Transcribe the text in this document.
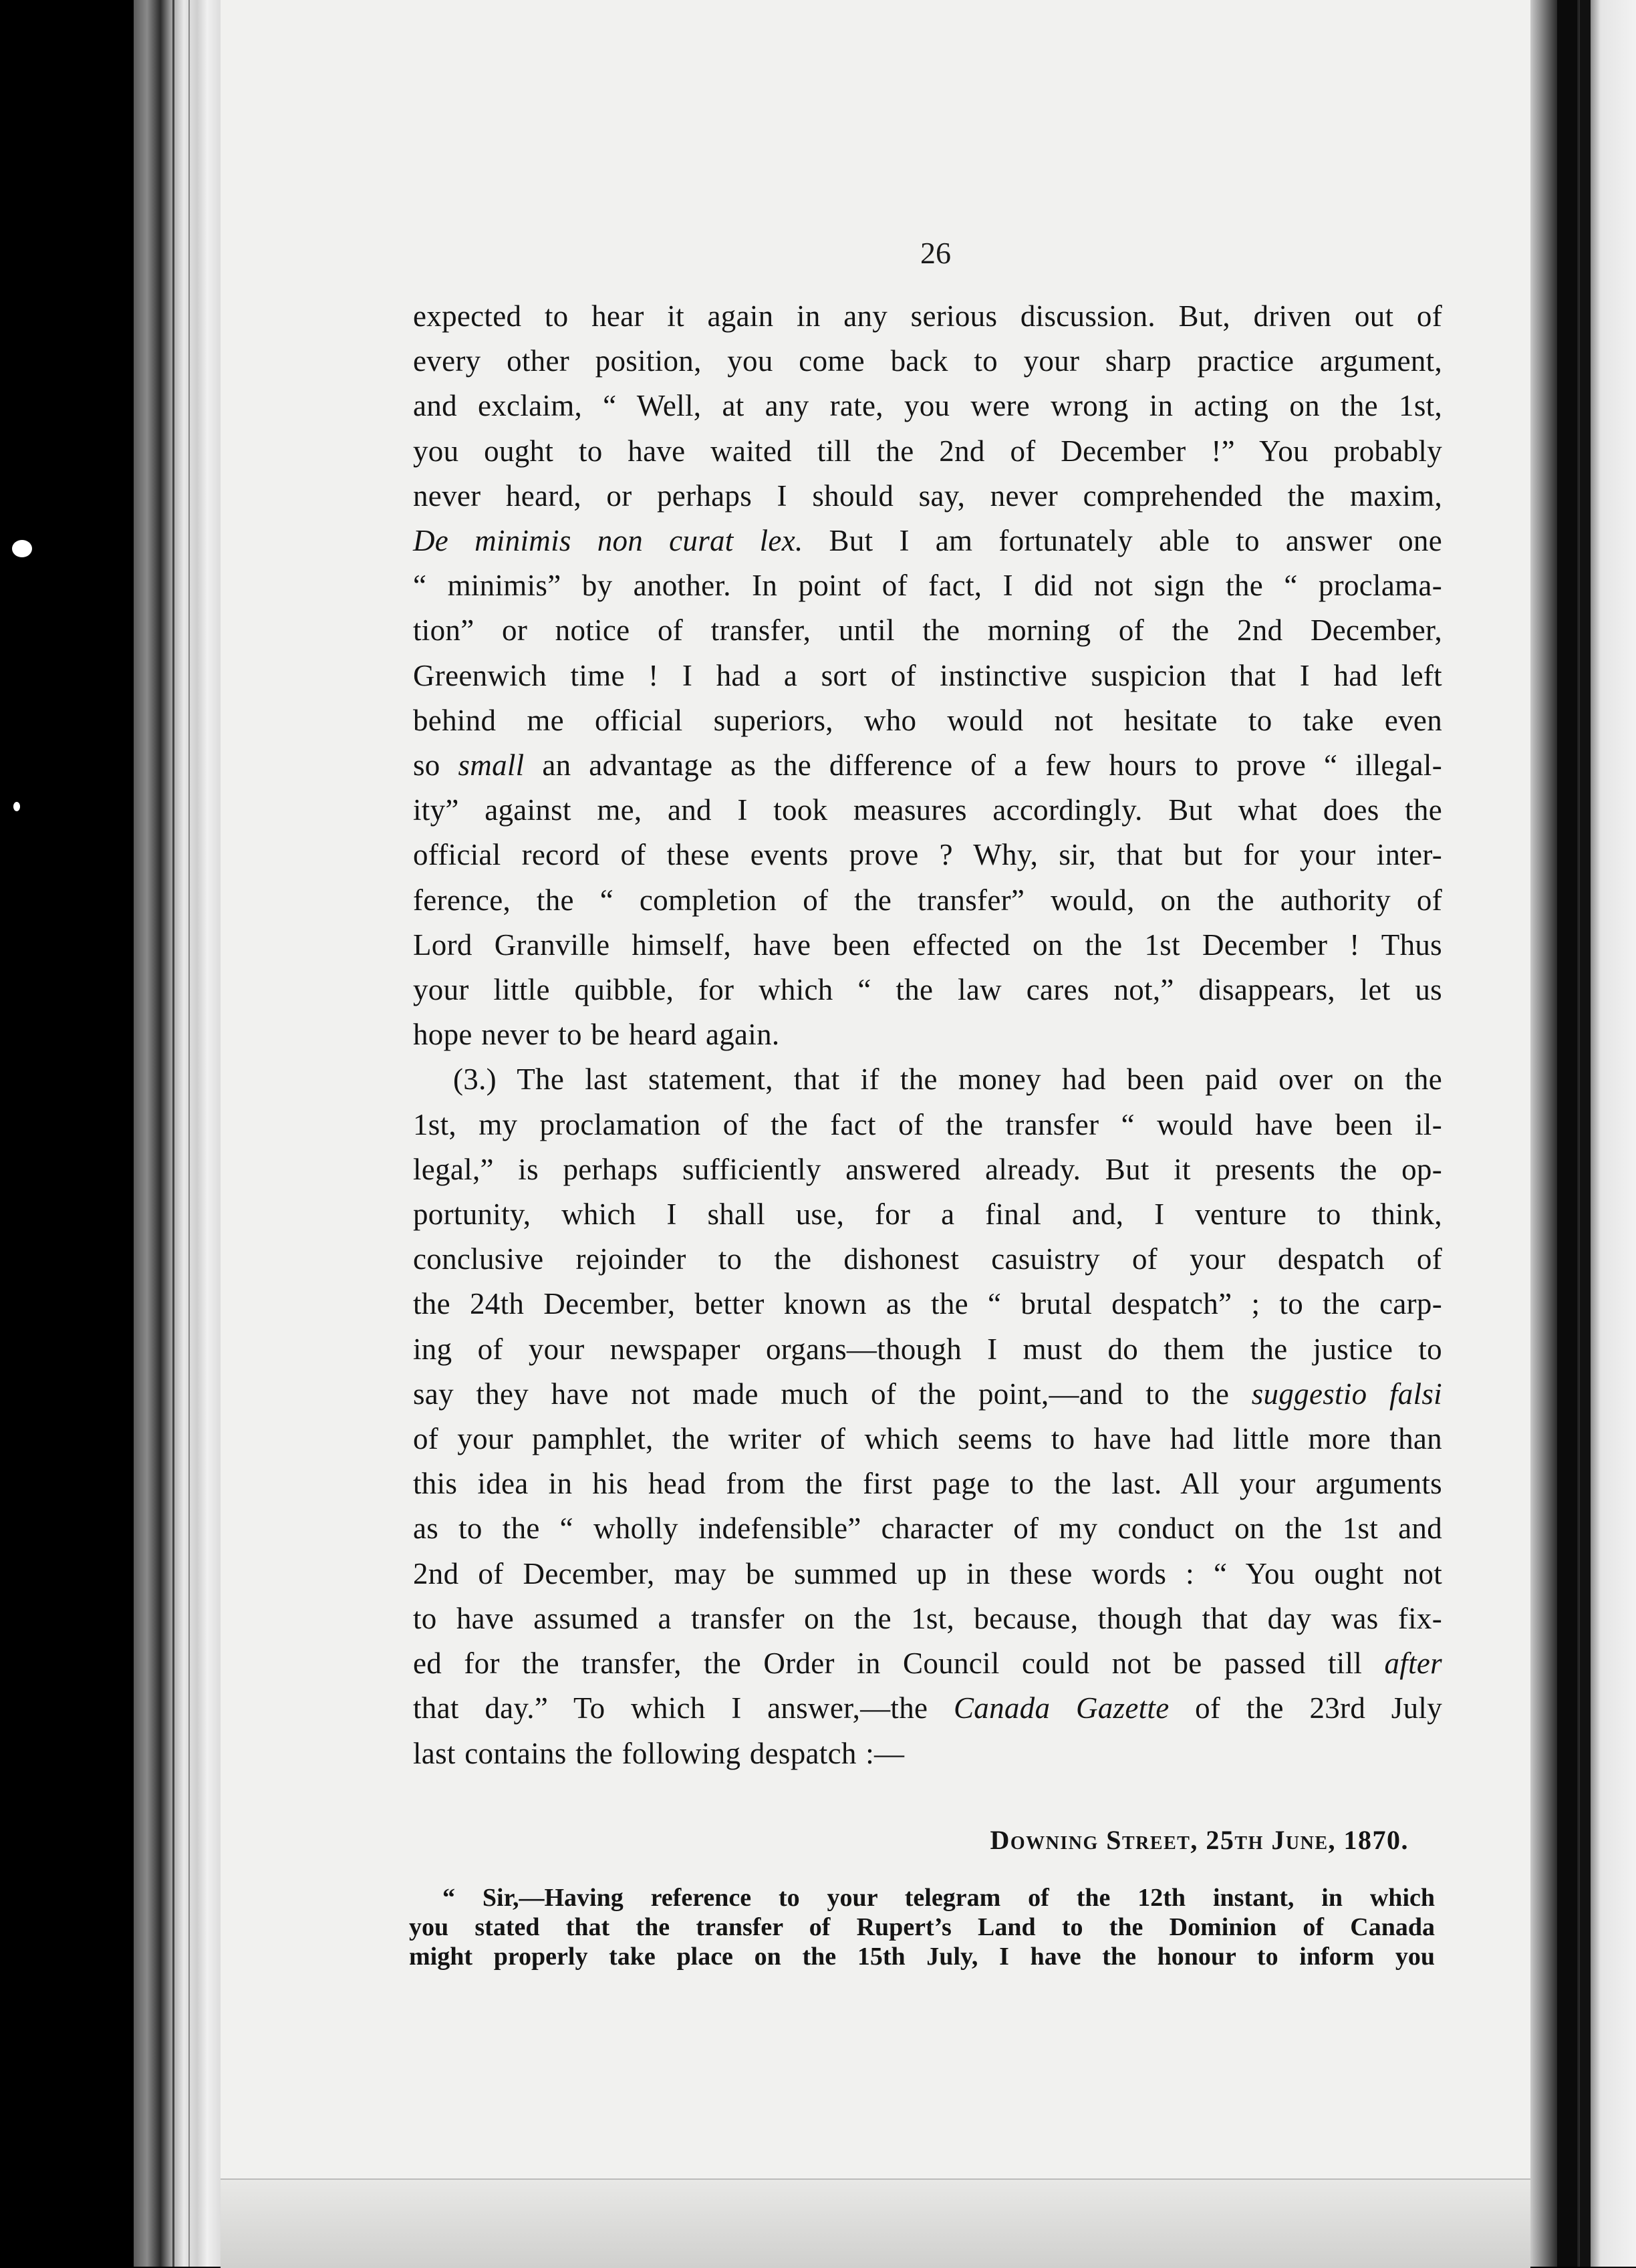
26

expected to hear it again in any serious discussion. But, driven out of

every other position, you come back to your sharp practice argument,

and exclaim, “ Well, at any rate, you were wrong in acting on the 1st,

you ought to have waited till the 2nd of December !” You probably

never heard, or perhaps I should say, never comprehended the maxim,

De minimis non curat lex. But I am fortunately able to answer one

“ minimis” by another. In point of fact, I did not sign the “ proclama-

tion” or notice of transfer, until the morning of the 2nd December,

Greenwich time ! I had a sort of instinctive suspicion that I had left

behind me official superiors, who would not hesitate to take even

so small an advantage as the difference of a few hours to prove “ illegal-

ity” against me, and I took measures accordingly. But what does the

official record of these events prove ? Why, sir, that but for your inter-

ference, the “ completion of the transfer” would, on the authority of

Lord Granville himself, have been effected on the 1st December ! Thus

your little quibble, for which “ the law cares not,” disappears, let us

hope never to be heard again.

(3.) The last statement, that if the money had been paid over on the

1st, my proclamation of the fact of the transfer “ would have been il-

legal,” is perhaps sufficiently answered already. But it presents the op-

portunity, which I shall use, for a final and, I venture to think,

conclusive rejoinder to the dishonest casuistry of your despatch of

the 24th December, better known as the “ brutal despatch” ; to the carp-

ing of your newspaper organs—though I must do them the justice to

say they have not made much of the point,—and to the suggestio falsi

of your pamphlet, the writer of which seems to have had little more than

this idea in his head from the first page to the last. All your arguments

as to the “ wholly indefensible” character of my conduct on the 1st and

2nd of December, may be summed up in these words : “ You ought not

to have assumed a transfer on the 1st, because, though that day was fix-

ed for the transfer, the Order in Council could not be passed till after

that day.” To which I answer,—the Canada Gazette of the 23rd July

last contains the following despatch :—

Downing Street, 25th June, 1870.

“ Sir,—Having reference to your telegram of the 12th instant, in which

you stated that the transfer of Rupert’s Land to the Dominion of Canada

might properly take place on the 15th July, I have the honour to inform you
